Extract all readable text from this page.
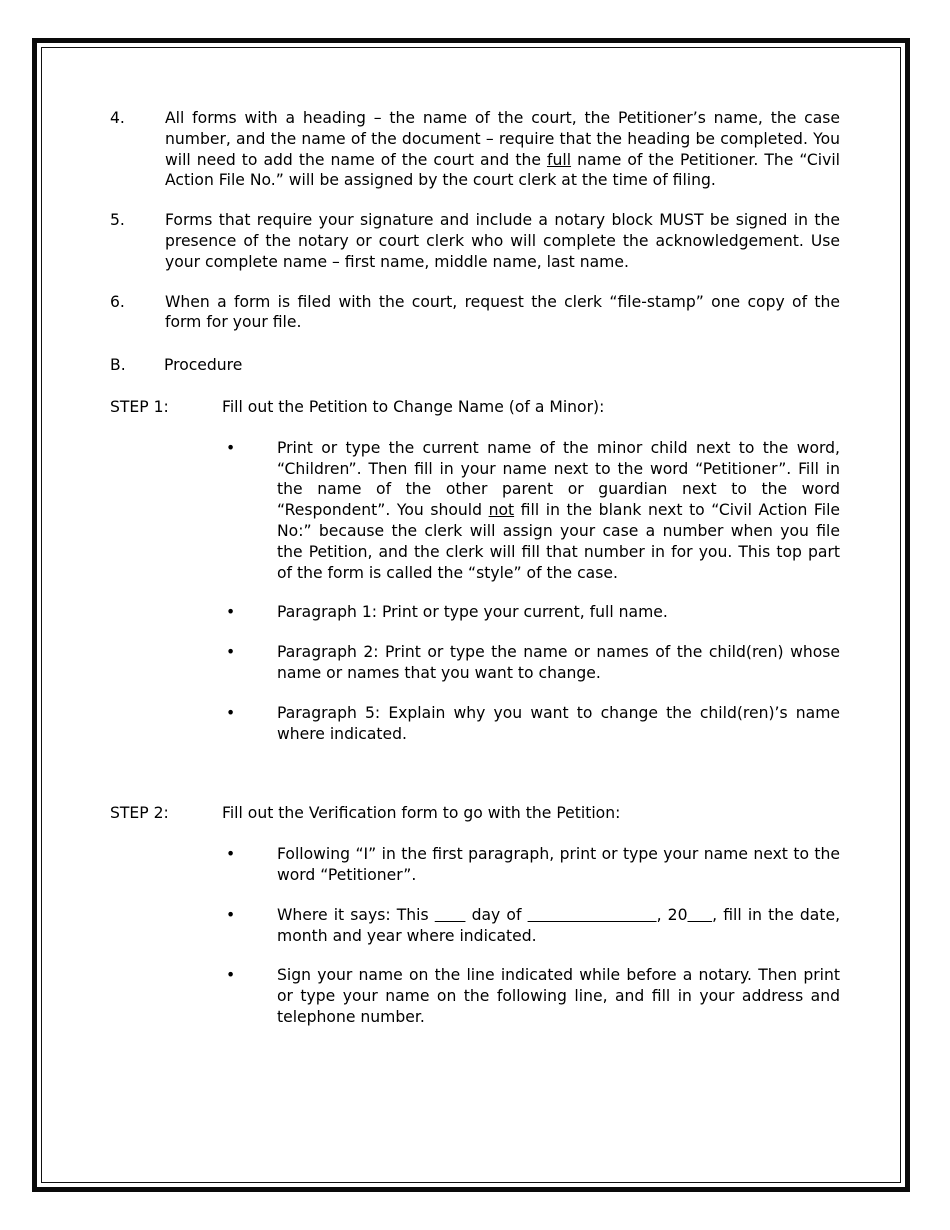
4.	All forms with a heading – the name of the court, the Petitioner’s name, the case number, and the name of the document – require that the heading be completed. You will need to add the name of the court and the full name of the Petitioner. The “Civil Action File No.” will be assigned by the court clerk at the time of filing.
5.	Forms that require your signature and include a notary block MUST be signed in the presence of the notary or court clerk who will complete the acknowledgement. Use your complete name – first name, middle name, last name.
6.	When a form is filed with the court, request the clerk “file-stamp” one copy of the form for your file.
B.	Procedure
STEP 1:	Fill out the Petition to Change Name (of a Minor):
•	Print or type the current name of the minor child next to the word, “Children”. Then fill in your name next to the word “Petitioner”. Fill in the name of the other parent or guardian next to the word “Respondent”. You should not fill in the blank next to “Civil Action File No:” because the clerk will assign your case a number when you file the Petition, and the clerk will fill that number in for you. This top part of the form is called the “style” of the case.
•	Paragraph 1: Print or type your current, full name.
•	Paragraph 2: Print or type the name or names of the child(ren) whose name or names that you want to change.
•	Paragraph 5: Explain why you want to change the child(ren)’s name where indicated.
STEP 2:	Fill out the Verification form to go with the Petition:
•	Following “I” in the first paragraph, print or type your name next to the word “Petitioner”.
•	Where it says: This       day of	, 20 , fill in the date, month and year where indicated.
•	Sign your name on the line indicated while before a notary. Then print or type your name on the following line, and fill in your address and telephone number.
